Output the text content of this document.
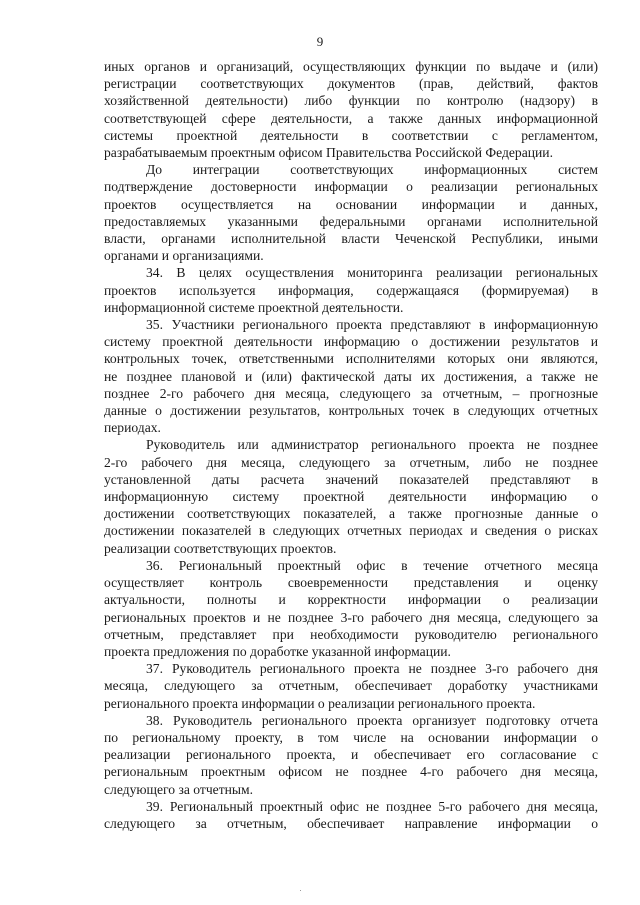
9
иных органов и организаций, осуществляющих функции по выдаче и (или)
регистрации соответствующих документов (прав, действий, фактов
хозяйственной деятельности) либо функции по контролю (надзору) в
соответствующей сфере деятельности, а также данных информационной
системы проектной деятельности в соответствии с регламентом,
разрабатываемым проектным офисом Правительства Российской Федерации.
До интеграции соответствующих информационных систем
подтверждение достоверности информации о реализации региональных
проектов осуществляется на основании информации и данных,
предоставляемых указанными федеральными органами исполнительной
власти, органами исполнительной власти Чеченской Республики, иными
органами и организациями.
34. В целях осуществления мониторинга реализации региональных
проектов используется информация, содержащаяся (формируемая) в
информационной системе проектной деятельности.
35. Участники регионального проекта представляют в информационную
систему проектной деятельности информацию о достижении результатов и
контрольных точек, ответственными исполнителями которых они являются,
не позднее плановой и (или) фактической даты их достижения, а также не
позднее 2-го рабочего дня месяца, следующего за отчетным, – прогнозные
данные о достижении результатов, контрольных точек в следующих отчетных
периодах.
Руководитель или администратор регионального проекта не позднее
2-го рабочего дня месяца, следующего за отчетным, либо не позднее
установленной даты расчета значений показателей представляют в
информационную систему проектной деятельности информацию о
достижении соответствующих показателей, а также прогнозные данные о
достижении показателей в следующих отчетных периодах и сведения о рисках
реализации соответствующих проектов.
36. Региональный проектный офис в течение отчетного месяца
осуществляет контроль своевременности представления и оценку
актуальности, полноты и корректности информации о реализации
региональных проектов и не позднее 3-го рабочего дня месяца, следующего за
отчетным, представляет при необходимости руководителю регионального
проекта предложения по доработке указанной информации.
37. Руководитель регионального проекта не позднее 3-го рабочего дня
месяца, следующего за отчетным, обеспечивает доработку участниками
регионального проекта информации о реализации регионального проекта.
38. Руководитель регионального проекта организует подготовку отчета
по региональному проекту, в том числе на основании информации о
реализации регионального проекта, и обеспечивает его согласование с
региональным проектным офисом не позднее 4-го рабочего дня месяца,
следующего за отчетным.
39. Региональный проектный офис не позднее 5-го рабочего дня месяца,
следующего за отчетным, обеспечивает направление информации о
